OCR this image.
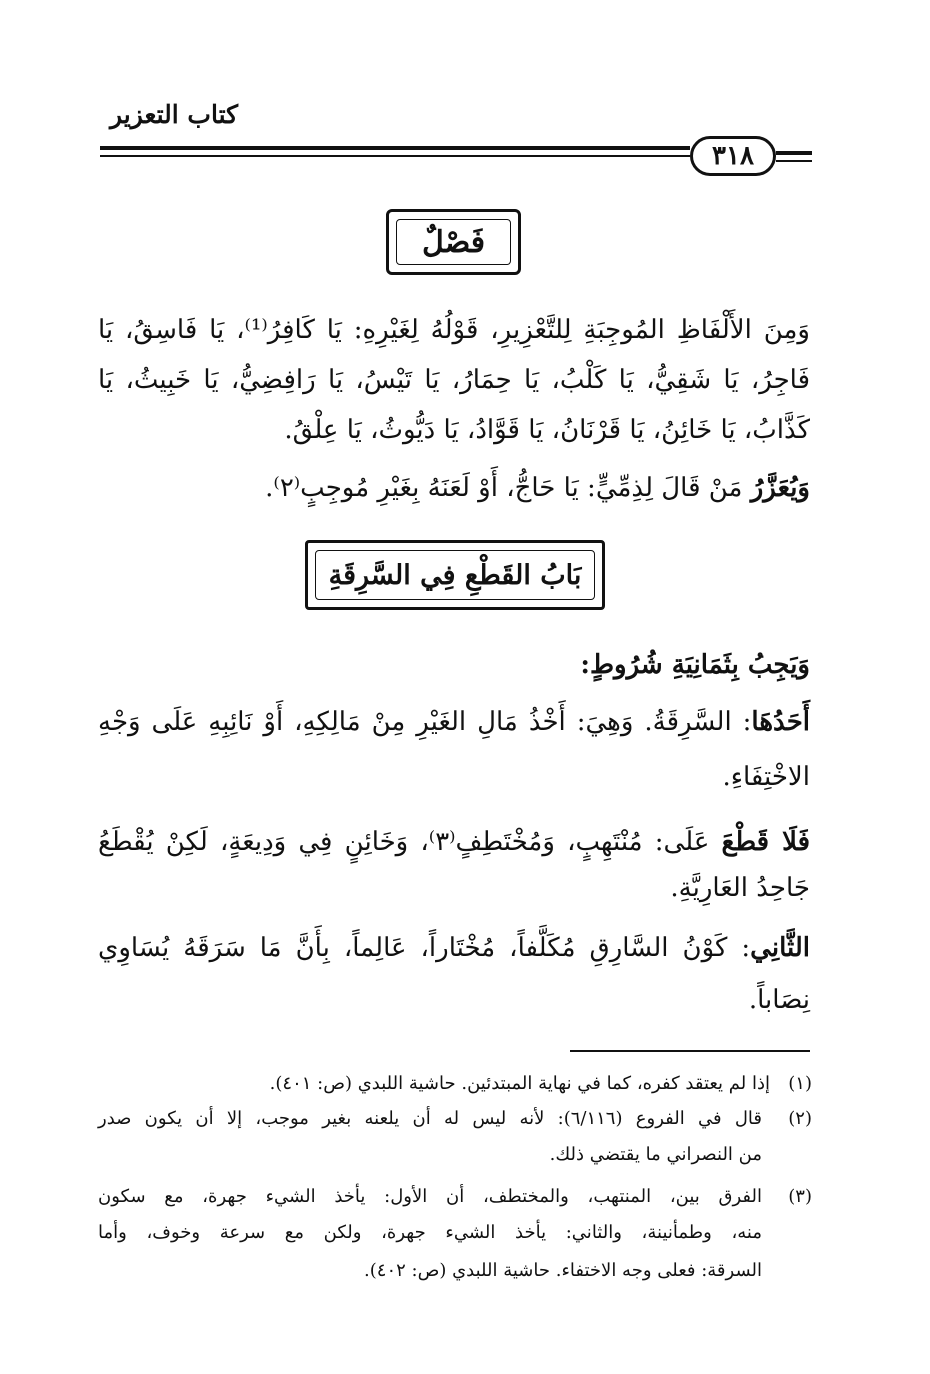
كتاب التعزير
٣١٨
فَصْلٌ
وَمِنَ الأَلْفَاظِ المُوجِبَةِ لِلتَّعْزِيرِ، قَوْلُهُ لِغَيْرِهِ: يَا كَافِرُ⁽¹⁾، يَا فَاسِقُ، يَا
فَاجِرُ، يَا شَقِيُّ، يَا كَلْبُ، يَا حِمَارُ، يَا تَيْسُ، يَا رَافِضِيُّ، يَا خَبِيثُ، يَا
كَذَّابُ، يَا خَائِنُ، يَا قَرْنَانُ، يَا قَوَّادُ، يَا دَيُّوثُ، يَا عِلْقُ.
وَيُعَزَّرُ مَنْ قَالَ لِذِمِّيٍّ: يَا حَاجُّ، أَوْ لَعَنَهُ بِغَيْرِ مُوجِبٍ⁽٢⁾.
بَابُ القَطْعِ فِي السَّرِقَةِ
وَيَجِبُ بِثَمَانِيَةِ شُرُوطٍ:
أَحَدُهَا: السَّرِقَةُ. وَهِيَ: أَخْذُ مَالِ الغَيْرِ مِنْ مَالِكِهِ، أَوْ نَائِبِهِ عَلَى وَجْهِ
الاخْتِفَاءِ.
فَلَا قَطْعَ عَلَى: مُنْتَهِبٍ، وَمُخْتَطِفٍ⁽٣⁾، وَخَائِنٍ فِي وَدِيعَةٍ، لَكِنْ يُقْطَعُ
جَاحِدُ العَارِيَّةِ.
الثَّانِي: كَوْنُ السَّارِقِ مُكَلَّفاً، مُخْتَاراً، عَالِماً، بِأَنَّ مَا سَرَقَهُ يُسَاوِي
نِصَاباً.
(١)
إذا لم يعتقد كفره، كما في نهاية المبتدئين. حاشية اللبدي (ص: ٤٠١).
(٢)
قال في الفروع (٦/١١٦): لأنه ليس له أن يلعنه بغير موجب، إلا أن يكون صدر
من النصراني ما يقتضي ذلك.
(٣)
الفرق بين، المنتهب، والمختطف، أن الأول: يأخذ الشيء جهرة، مع سكون
منه، وطمأنينة، والثاني: يأخذ الشيء جهرة، ولكن مع سرعة وخوف، وأما
السرقة: فعلى وجه الاختفاء. حاشية اللبدي (ص: ٤٠٢).
